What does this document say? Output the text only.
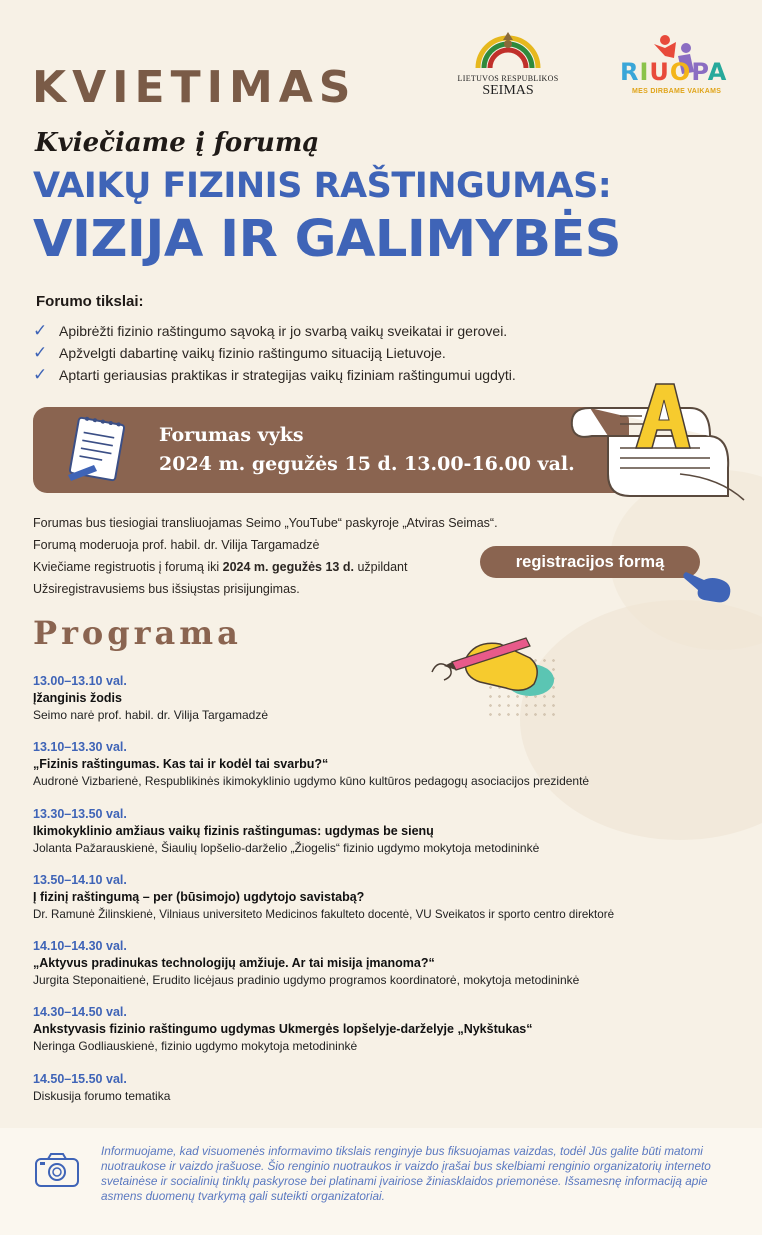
KVIETIMAS
Kviečiame į forumą
VAIKŲ FIZINIS RAŠTINGUMAS:
VIZIJA IR GALIMYBĖS
LIETUVOS RESPUBLIKOS
SEIMAS
RIUOPA
MES DIRBAME VAIKAMS
Forumo tikslai:
✓ Apibrėžti fizinio raštingumo sąvoką ir jo svarbą vaikų sveikatai ir gerovei.
✓ Apžvelgti dabartinę vaikų fizinio raštingumo situaciją Lietuvoje.
✓ Aptarti geriausias praktikas ir strategijas vaikų fiziniam raštingumui ugdyti.
Forumas vyks
2024 m. gegužės 15 d. 13.00-16.00 val.
Forumas bus tiesiogiai transliuojamas Seimo „YouTube“ paskyroje „Atviras Seimas“.
Forumą moderuoja prof. habil. dr. Vilija Targamadzė
Kviečiame registruotis į forumą iki 2024 m. gegužės 13 d. užpildant
Užsiregistravusiems bus išsiųstas prisijungimas.
registracijos formą
Programa
13.00–13.10 val.
Įžanginis žodis
Seimo narė prof. habil. dr. Vilija Targamadzė
13.10–13.30 val.
„Fizinis raštingumas. Kas tai ir kodėl tai svarbu?“
Audronė Vizbarienė, Respublikinės ikimokyklinio ugdymo kūno kultūros pedagogų asociacijos prezidentė
13.30–13.50 val.
Ikimokyklinio amžiaus vaikų fizinis raštingumas: ugdymas be sienų
Jolanta Pažarauskienė, Šiaulių lopšelio-darželio „Žiogelis“ fizinio ugdymo mokytoja metodininkė
13.50–14.10 val.
Į fizinį raštingumą – per (būsimojo) ugdytojo savistabą?
Dr. Ramunė Žilinskienė, Vilniaus universiteto Medicinos fakulteto docentė, VU Sveikatos ir sporto centro direktorė
14.10–14.30 val.
„Aktyvus pradinukas technologijų amžiuje. Ar tai misija įmanoma?“
Jurgita Steponaitienė, Erudito licėjaus pradinio ugdymo programos koordinatorė, mokytoja metodininkė
14.30–14.50 val.
Ankstyvasis fizinio raštingumo ugdymas Ukmergės lopšelyje-darželyje „Nykštukas“
Neringa Godliauskienė, fizinio ugdymo mokytoja metodininkė
14.50–15.50 val.
Diskusija forumo tematika
Informuojame, kad visuomenės informavimo tikslais renginyje bus fiksuojamas vaizdas, todėl Jūs galite būti matomi nuotraukose ir vaizdo įrašuose. Šio renginio nuotraukos ir vaizdo įrašai bus skelbiami renginio organizatorių interneto svetainėse ir socialinių tinklų paskyrose bei platinami įvairiose žiniasklaidos priemonėse. Išsamesnę informaciją apie asmens duomenų tvarkymą gali suteikti organizatoriai.
